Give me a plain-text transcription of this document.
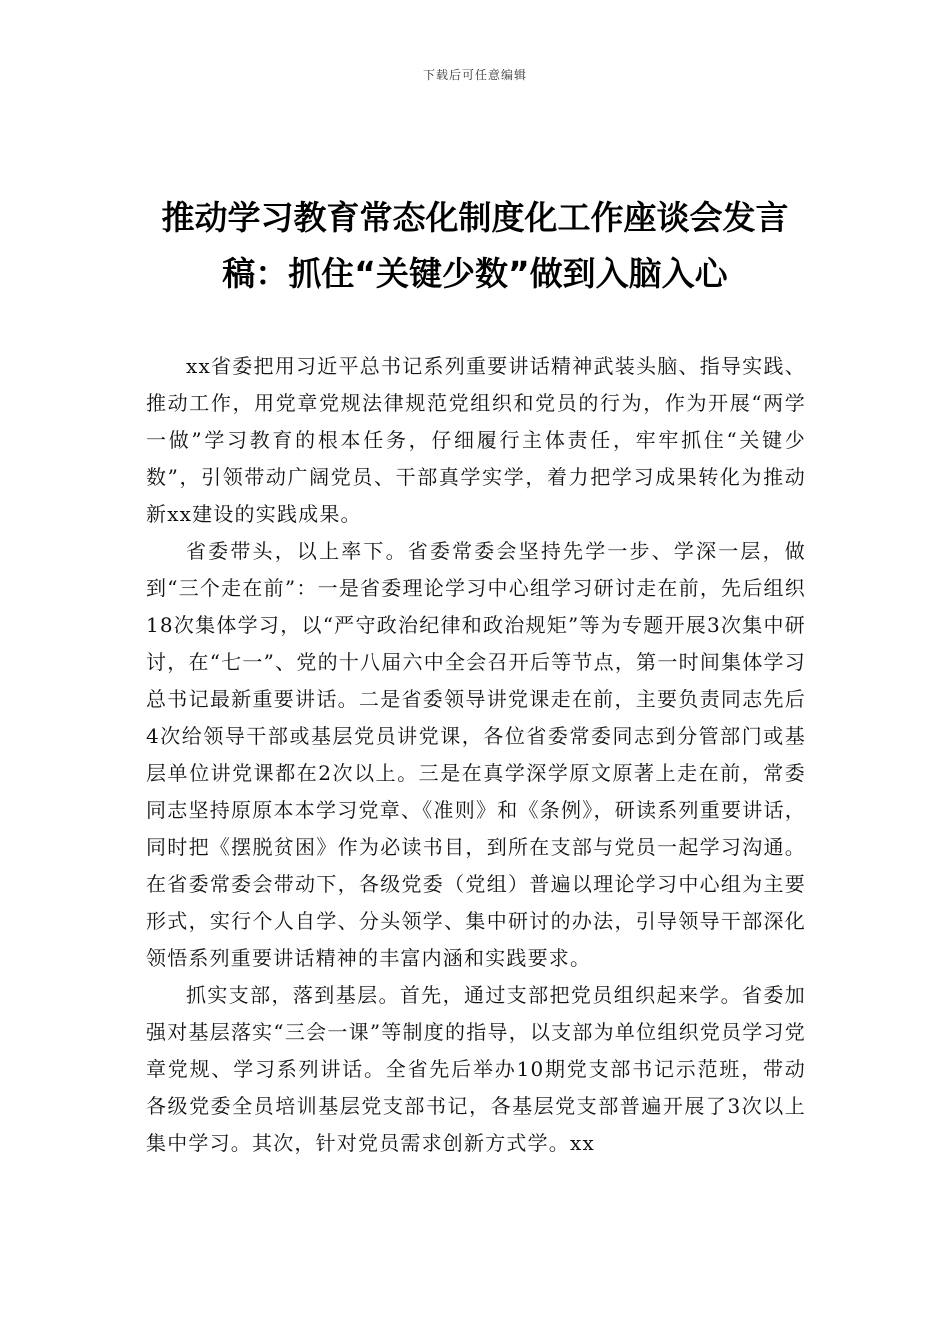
下载后可任意编辑
推动学习教育常态化制度化工作座谈会发言稿：抓住“关键少数”做到入脑入心

xx省委把用习近平总书记系列重要讲话精神武装头脑、指导实践、推动工作，用党章党规法律规范党组织和党员的行为，作为开展“两学一做”学习教育的根本任务，仔细履行主体责任，牢牢抓住“关键少数”，引领带动广阔党员、干部真学实学，着力把学习成果转化为推动新xx建设的实践成果。

省委带头，以上率下。省委常委会坚持先学一步、学深一层，做到“三个走在前”：一是省委理论学习中心组学习研讨走在前，先后组织18次集体学习，以“严守政治纪律和政治规矩”等为专题开展3次集中研讨，在“七一”、党的十八届六中全会召开后等节点，第一时间集体学习总书记最新重要讲话。二是省委领导讲党课走在前，主要负责同志先后4次给领导干部或基层党员讲党课，各位省委常委同志到分管部门或基层单位讲党课都在2次以上。三是在真学深学原文原著上走在前，常委同志坚持原原本本学习党章、《准则》和《条例》，研读系列重要讲话，同时把《摆脱贫困》作为必读书目，到所在支部与党员一起学习沟通。在省委常委会带动下，各级党委（党组）普遍以理论学习中心组为主要形式，实行个人自学、分头领学、集中研讨的办法，引导领导干部深化领悟系列重要讲话精神的丰富内涵和实践要求。

抓实支部，落到基层。首先，通过支部把党员组织起来学。省委加强对基层落实“三会一课”等制度的指导，以支部为单位组织党员学习党章党规、学习系列讲话。全省先后举办10期党支部书记示范班，带动各级党委全员培训基层党支部书记，各基层党支部普遍开展了3次以上集中学习。其次，针对党员需求创新方式学。xx
